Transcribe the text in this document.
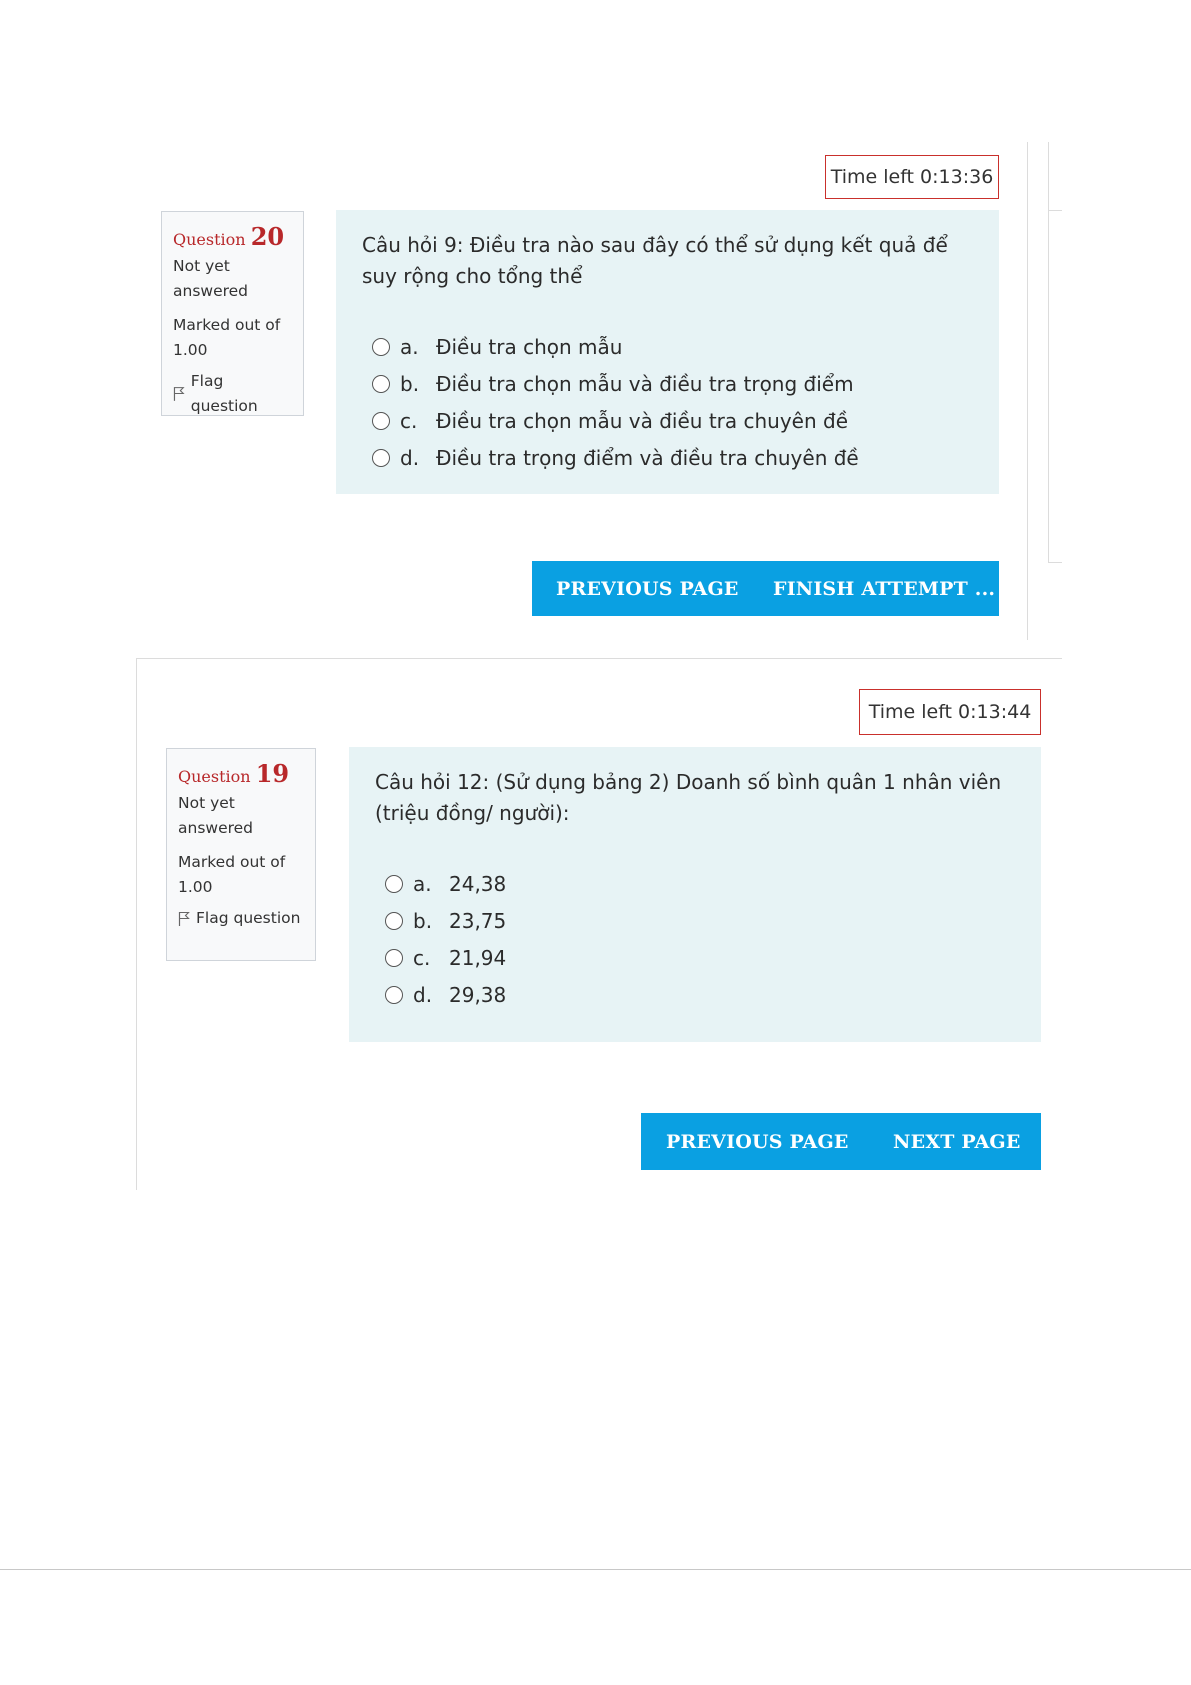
Time left 0:13:36
Question 20
Not yet answered
Marked out of 1.00
Flag question
Câu hỏi 9: Điều tra nào sau đây có thể sử dụng kết quả để suy rộng cho tổng thể
a. Điều tra chọn mẫu
b. Điều tra chọn mẫu và điều tra trọng điểm
c. Điều tra chọn mẫu và điều tra chuyên đề
d. Điều tra trọng điểm và điều tra chuyên đề
PREVIOUS PAGE FINISH ATTEMPT ...
Time left 0:13:44
Question 19
Not yet answered
Marked out of 1.00
Flag question
Câu hỏi 12: (Sử dụng bảng 2) Doanh số bình quân 1 nhân viên (triệu đồng/ người):
a. 24,38
b. 23,75
c. 21,94
d. 29,38
PREVIOUS PAGE NEXT PAGE
